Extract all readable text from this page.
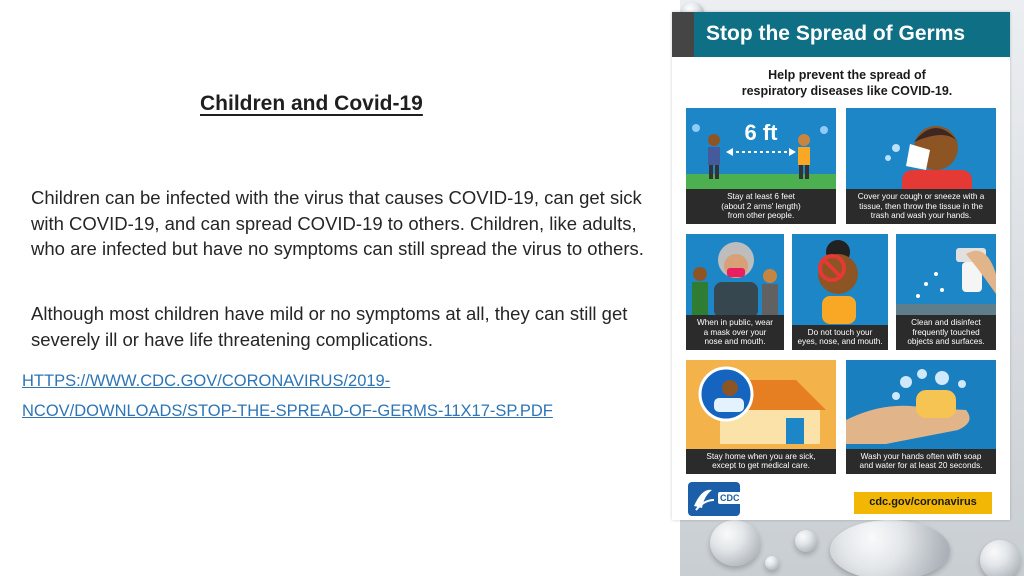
Children and Covid-19
Children can be infected with the virus that causes COVID-19, can get sick with COVID-19, and can spread COVID-19 to others. Children, like adults, who are infected but have no symptoms can still spread the virus to others.
Although most children have mild or no symptoms at all, they can still get severely ill or have life threatening complications.
HTTPS://WWW.CDC.GOV/CORONAVIRUS/2019-
NCOV/DOWNLOADS/STOP-THE-SPREAD-OF-GERMS-11X17-SP.PDF
Stop the Spread of Germs
Help prevent the spread of
respiratory diseases like COVID-19.
6 ft
Stay at least 6 feet
(about 2 arms' length)
from other people.
Cover your cough or sneeze with a
tissue, then throw the tissue in the
trash and wash your hands.
When in public, wear
a mask over your
nose and mouth.
Do not touch your
eyes, nose, and mouth.
Clean and disinfect
frequently touched
objects and surfaces.
Stay home when you are sick,
except to get medical care.
Wash your hands often with soap
and water for at least 20 seconds.
CDC	cdc.gov/coronavirus
